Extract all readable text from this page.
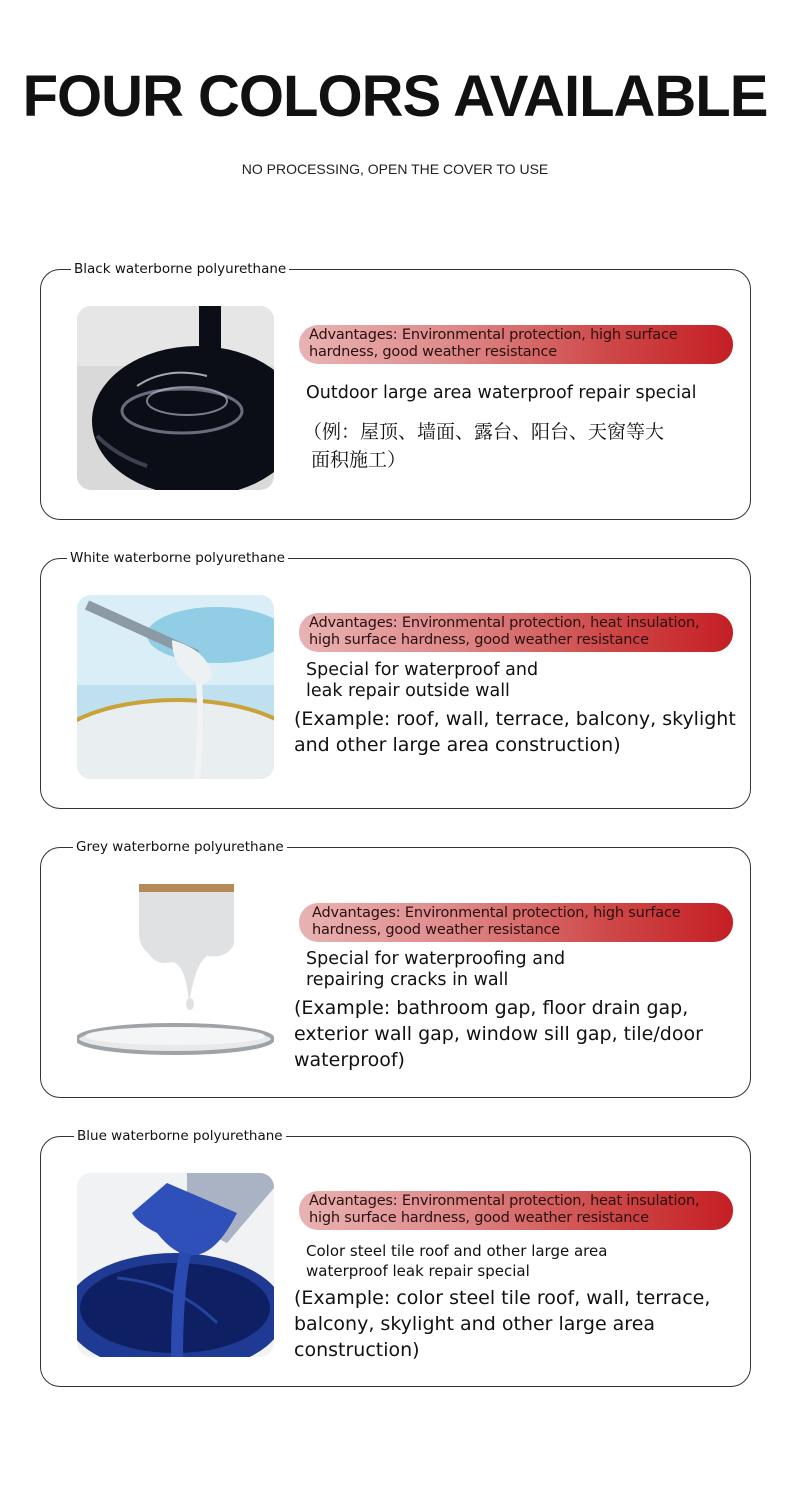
FOUR COLORS AVAILABLE
NO PROCESSING, OPEN THE COVER TO USE
Black waterborne polyurethane
Advantages: Environmental protection, high surface
hardness, good weather resistance
Outdoor large area waterproof repair special
（例：屋顶、墙面、露台、阳台、天窗等大
面积施工）
White waterborne polyurethane
Advantages: Environmental protection, heat insulation,
high surface hardness, good weather resistance
Special for waterproof and
leak repair outside wall
(Example: roof, wall, terrace, balcony, skylight
and other large area construction)
Grey waterborne polyurethane
Advantages: Environmental protection, high surface
hardness, good weather resistance
Special for waterproofing and
repairing cracks in wall
(Example: bathroom gap, floor drain gap,
exterior wall gap, window sill gap, tile/door
waterproof)
Blue waterborne polyurethane
Advantages: Environmental protection, heat insulation,
high surface hardness, good weather resistance
Color steel tile roof and other large area
waterproof leak repair special
(Example: color steel tile roof, wall, terrace,
balcony, skylight and other large area
construction)
